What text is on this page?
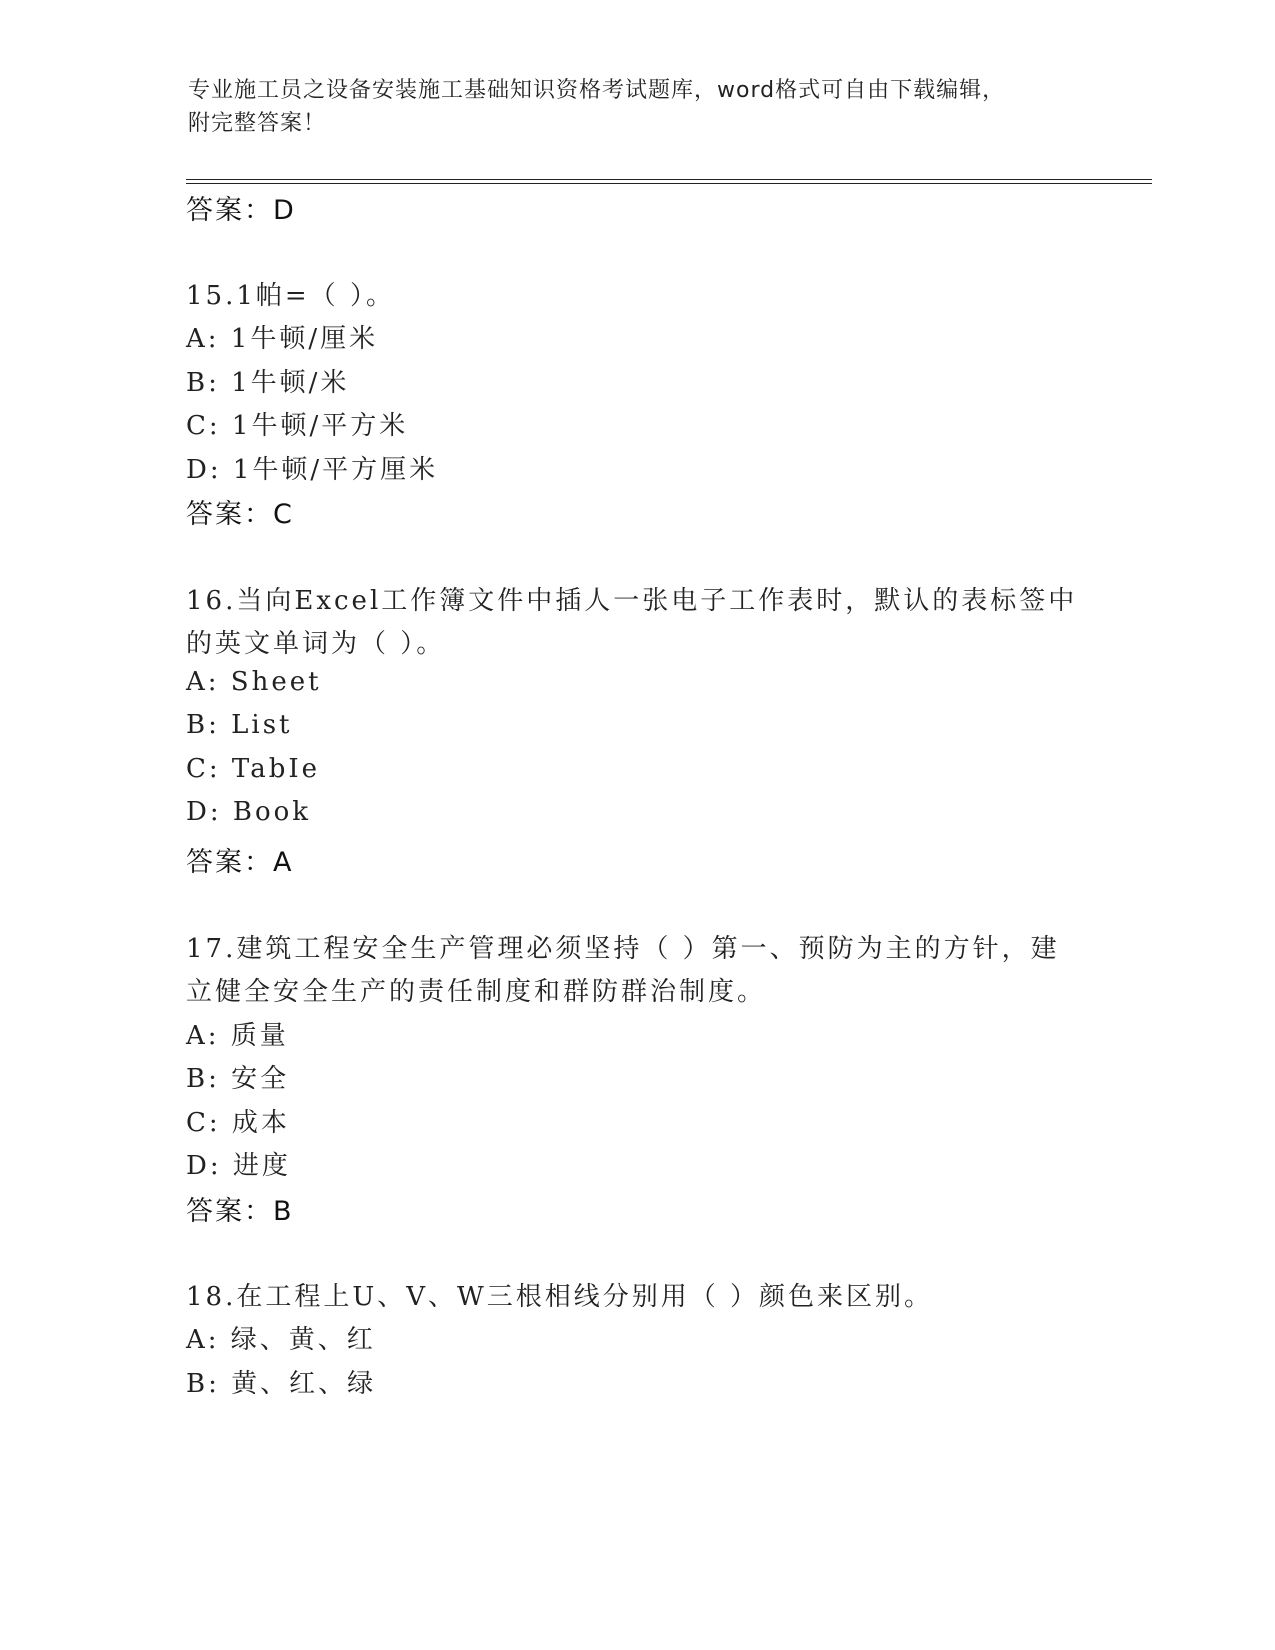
专业施工员之设备安装施工基础知识资格考试题库，word格式可自由下载编辑，
附完整答案！
答案：D
15.1帕=（ ）。
A: 1牛顿/厘米
B: 1牛顿/米
C: 1牛顿/平方米
D: 1牛顿/平方厘米
答案：C
16.当向Excel工作簿文件中插人一张电子工作表时，默认的表标签中
的英文单词为（ ）。
A: Sheet
B: List
C: TabIe
D: Book
答案：A
17.建筑工程安全生产管理必须坚持（ ）第一、预防为主的方针，建
立健全安全生产的责任制度和群防群治制度。
A: 质量
B: 安全
C: 成本
D: 进度
答案：B
18.在工程上U、V、W三根相线分别用（ ）颜色来区别。
A: 绿、黄、红
B: 黄、红、绿
